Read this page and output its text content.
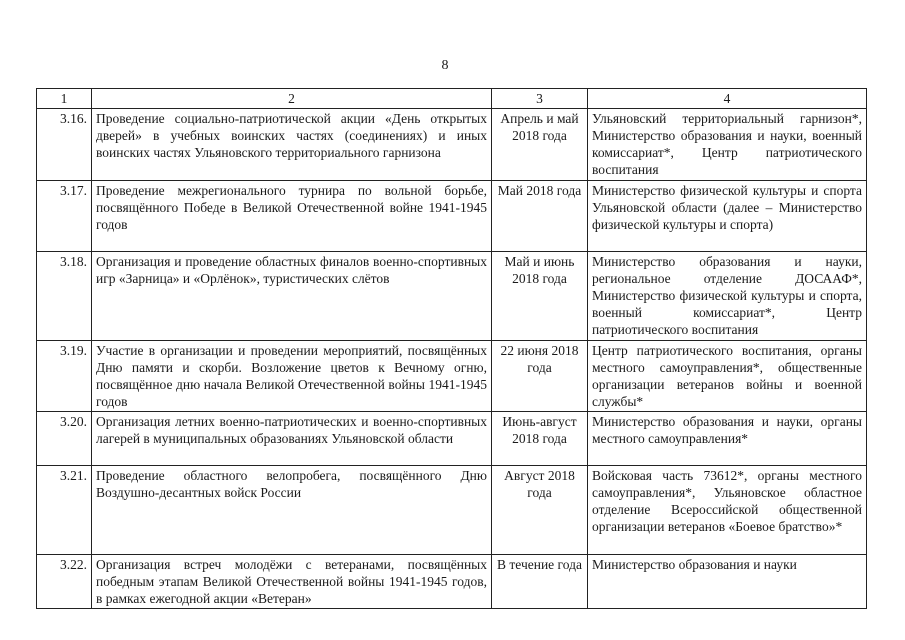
8
1	2	3	4
3.16.	Проведение социально-патриотической акции «День открытых дверей» в учебных воинских частях (соединениях) и иных воинских частях Ульяновского территориального гарнизона	Апрель и май 2018 года	Ульяновский территориальный гарнизон*, Министерство образования и науки, военный комиссариат*, Центр патриотического воспитания
3.17.	Проведение межрегионального турнира по вольной борьбе, посвящённого Победе в Великой Отечественной войне 1941-1945 годов	Май 2018 года	Министерство физической культуры и спорта Ульяновской области (далее – Министерство физической культуры и спорта)
3.18.	Организация и проведение областных финалов военно-спортивных игр «Зарница» и «Орлёнок», туристических слётов	Май и июнь 2018 года	Министерство образования и науки, региональное отделение ДОСААФ*, Министерство физической культуры и спорта, военный комиссариат*, Центр патриотического воспитания
3.19.	Участие в организации и проведении мероприятий, посвящённых Дню памяти и скорби. Возложение цветов к Вечному огню, посвящённое дню начала Великой Отечественной войны 1941-1945 годов	22 июня 2018 года	Центр патриотического воспитания, органы местного самоуправления*, общественные организации ветеранов войны и военной службы*
3.20.	Организация летних военно-патриотических и военно-спортивных лагерей в муниципальных образованиях Ульяновской области	Июнь-август 2018 года	Министерство образования и науки, органы местного самоуправления*
3.21.	Проведение областного велопробега, посвящённого Дню Воздушно-десантных войск России	Август 2018 года	Войсковая часть 73612*, органы местного самоуправления*, Ульяновское областное отделение Всероссийской общественной организации ветеранов «Боевое братство»*
3.22.	Организация встреч молодёжи с ветеранами, посвящённых победным этапам Великой Отечественной войны 1941-1945 годов, в рамках ежегодной акции «Ветеран»	В течение года	Министерство образования и науки
